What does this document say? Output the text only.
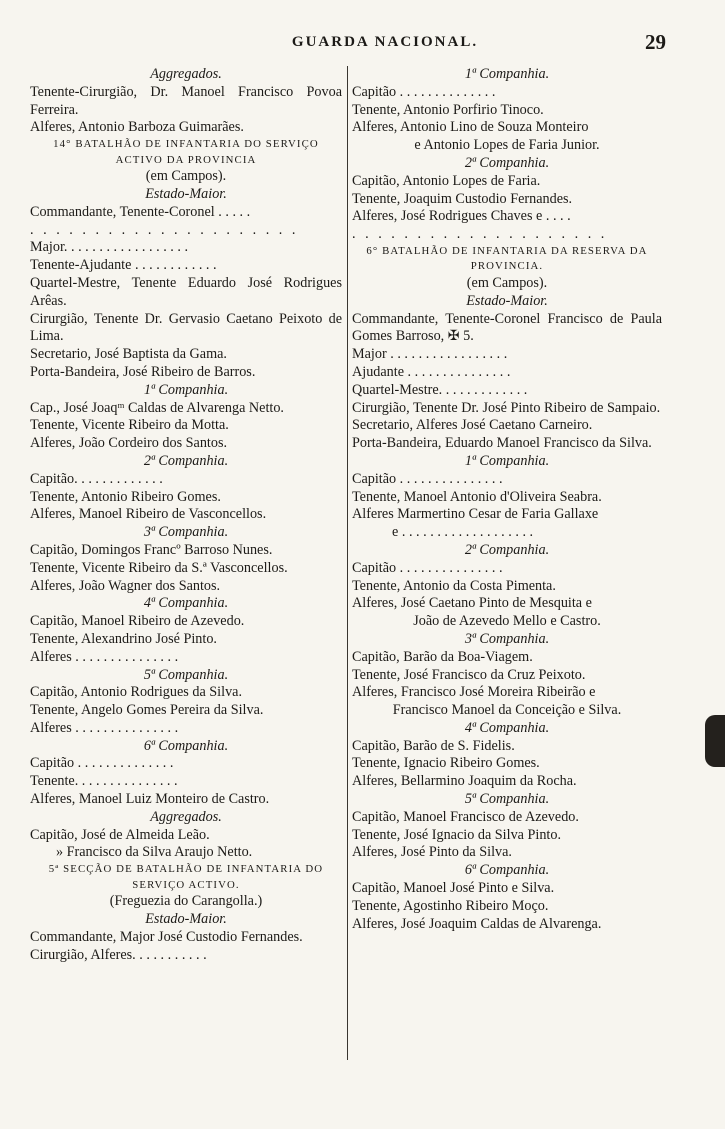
GUARDA NACIONAL.	29
Aggregados.
Tenente-Cirurgião, Dr. Manoel Francisco Povoa Ferreira.
Alferes, Antonio Barboza Guimarães.
14° BATALHÃO DE INFANTARIA DO SERVIÇO ACTIVO DA PROVINCIA
(em Campos).
Estado-Maior.
Commandante, Tenente-Coronel . . . . .
. . . . . . . . . . . . . . . . . . . . .
Major. . . . . . . . . . . . . . . . . .
Tenente-Ajudante . . . . . . . . . . . .
Quartel-Mestre, Tenente Eduardo José Rodrigues Arêas.
Cirurgião, Tenente Dr. Gervasio Caetano Peixoto de Lima.
Secretario, José Baptista da Gama.
Porta-Bandeira, José Ribeiro de Barros.
1ª Companhia.
Cap., José Joaqᵐ Caldas de Alvarenga Netto.
Tenente, Vicente Ribeiro da Motta.
Alferes, João Cordeiro dos Santos.
2ª Companhia.
Capitão. . . . . . . . . . . . .
Tenente, Antonio Ribeiro Gomes.
Alferes, Manoel Ribeiro de Vasconcellos.
3ª Companhia.
Capitão, Domingos Francº Barroso Nunes.
Tenente, Vicente Ribeiro da S.ª Vasconcellos.
Alferes, João Wagner dos Santos.
4ª Companhia.
Capitão, Manoel Ribeiro de Azevedo.
Tenente, Alexandrino José Pinto.
Alferes . . . . . . . . . . . . . . .
5ª Companhia.
Capitão, Antonio Rodrigues da Silva.
Tenente, Angelo Gomes Pereira da Silva.
Alferes . . . . . . . . . . . . . . .
6ª Companhia.
Capitão . . . . . . . . . . . . . .
Tenente. . . . . . . . . . . . . . .
Alferes, Manoel Luiz Monteiro de Castro.
Aggregados.
Capitão, José de Almeida Leão.
» Francisco da Silva Araujo Netto.
5ª SECÇÃO DE BATALHÃO DE INFANTARIA DO SERVIÇO ACTIVO.
(Freguezia do Carangolla.)
Estado-Maior.
Commandante, Major José Custodio Fernandes.
Cirurgião, Alferes. . . . . . . . . . .
1ª Companhia.
Capitão . . . . . . . . . . . . . .
Tenente, Antonio Porfirio Tinoco.
Alferes, Antonio Lino de Souza Monteiro
e Antonio Lopes de Faria Junior.
2ª Companhia.
Capitão, Antonio Lopes de Faria.
Tenente, Joaquim Custodio Fernandes.
Alferes, José Rodrigues Chaves e . . . .
. . . . . . . . . . . . . . . . . . . .
6° BATALHÃO DE INFANTARIA DA RESERVA DA PROVINCIA.
(em Campos).
Estado-Maior.
Commandante, Tenente-Coronel Francisco de Paula Gomes Barroso, ✠ 5.
Major . . . . . . . . . . . . . . . . .
Ajudante . . . . . . . . . . . . . . .
Quartel-Mestre. . . . . . . . . . . . .
Cirurgião, Tenente Dr. José Pinto Ribeiro de Sampaio.
Secretario, Alferes José Caetano Carneiro.
Porta-Bandeira, Eduardo Manoel Francisco da Silva.
1ª Companhia.
Capitão . . . . . . . . . . . . . . .
Tenente, Manoel Antonio d'Oliveira Seabra.
Alferes Marmertino Cesar de Faria Gallaxe
e . . . . . . . . . . . . . . . . . . .
2ª Companhia.
Capitão . . . . . . . . . . . . . . .
Tenente, Antonio da Costa Pimenta.
Alferes, José Caetano Pinto de Mesquita e
João de Azevedo Mello e Castro.
3ª Companhia.
Capitão, Barão da Boa-Viagem.
Tenente, José Francisco da Cruz Peixoto.
Alferes, Francisco José Moreira Ribeirão e
Francisco Manoel da Conceição e Silva.
4ª Companhia.
Capitão, Barão de S. Fidelis.
Tenente, Ignacio Ribeiro Gomes.
Alferes, Bellarmino Joaquim da Rocha.
5ª Companhia.
Capitão, Manoel Francisco de Azevedo.
Tenente, José Ignacio da Silva Pinto.
Alferes, José Pinto da Silva.
6ª Companhia.
Capitão, Manoel José Pinto e Silva.
Tenente, Agostinho Ribeiro Moço.
Alferes, José Joaquim Caldas de Alvarenga.
